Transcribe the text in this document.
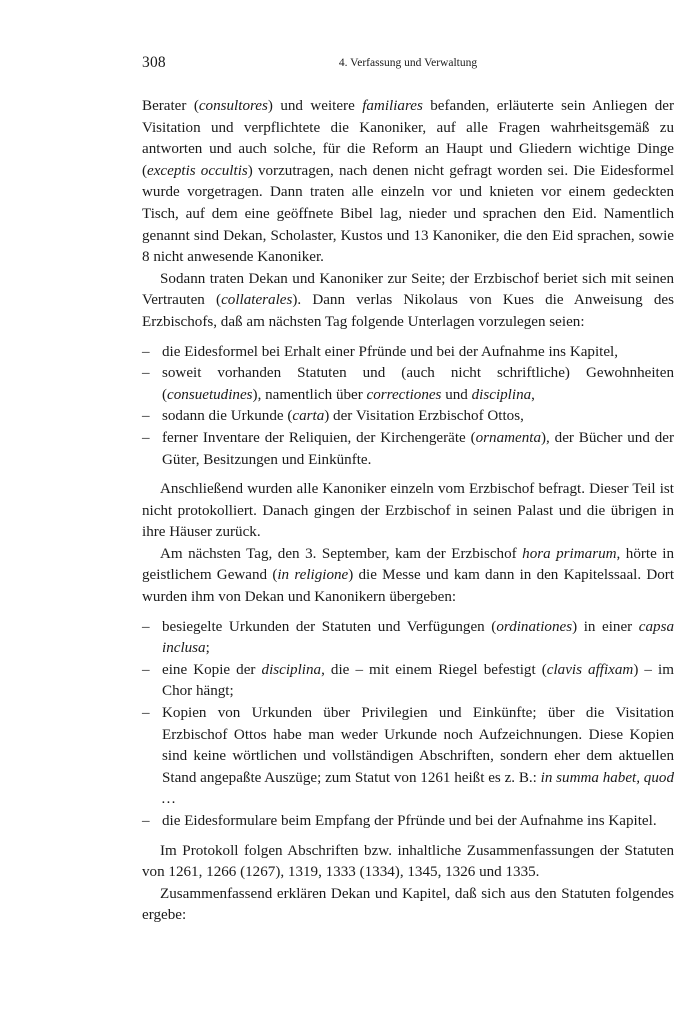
308	4. Verfassung und Verwaltung

Berater (consultores) und weitere familiares befanden, erläuterte sein Anliegen der Visitation und verpflichtete die Kanoniker, auf alle Fragen wahrheitsgemäß zu antworten und auch solche, für die Reform an Haupt und Gliedern wichtige Dinge (exceptis occultis) vorzutragen, nach denen nicht gefragt worden sei. Die Eidesformel wurde vorgetragen. Dann traten alle einzeln vor und knieten vor einem gedeckten Tisch, auf dem eine geöffnete Bibel lag, nieder und sprachen den Eid. Namentlich genannt sind Dekan, Scholaster, Kustos und 13 Kanoniker, die den Eid sprachen, sowie 8 nicht anwesende Kanoniker.

Sodann traten Dekan und Kanoniker zur Seite; der Erzbischof beriet sich mit seinen Vertrauten (collaterales). Dann verlas Nikolaus von Kues die Anweisung des Erzbischofs, daß am nächsten Tag folgende Unterlagen vorzulegen seien:

– die Eidesformel bei Erhalt einer Pfründe und bei der Aufnahme ins Kapitel,
– soweit vorhanden Statuten und (auch nicht schriftliche) Gewohnheiten (consuetudines), namentlich über correctiones und disciplina,
– sodann die Urkunde (carta) der Visitation Erzbischof Ottos,
– ferner Inventare der Reliquien, der Kirchengeräte (ornamenta), der Bücher und der Güter, Besitzungen und Einkünfte.

Anschließend wurden alle Kanoniker einzeln vom Erzbischof befragt. Dieser Teil ist nicht protokolliert. Danach gingen der Erzbischof in seinen Palast und die übrigen in ihre Häuser zurück.

Am nächsten Tag, den 3. September, kam der Erzbischof hora primarum, hörte in geistlichem Gewand (in religione) die Messe und kam dann in den Kapitelssaal. Dort wurden ihm von Dekan und Kanonikern übergeben:

– besiegelte Urkunden der Statuten und Verfügungen (ordinationes) in einer capsa inclusa;
– eine Kopie der disciplina, die – mit einem Riegel befestigt (clavis affixam) – im Chor hängt;
– Kopien von Urkunden über Privilegien und Einkünfte; über die Visitation Erzbischof Ottos habe man weder Urkunde noch Aufzeichnungen. Diese Kopien sind keine wörtlichen und vollständigen Abschriften, sondern eher dem aktuellen Stand angepaßte Auszüge; zum Statut von 1261 heißt es z. B.: in summa habet, quod …
– die Eidesformulare beim Empfang der Pfründe und bei der Aufnahme ins Kapitel.

Im Protokoll folgen Abschriften bzw. inhaltliche Zusammenfassungen der Statuten von 1261, 1266 (1267), 1319, 1333 (1334), 1345, 1326 und 1335.

Zusammenfassend erklären Dekan und Kapitel, daß sich aus den Statuten folgendes ergebe:
